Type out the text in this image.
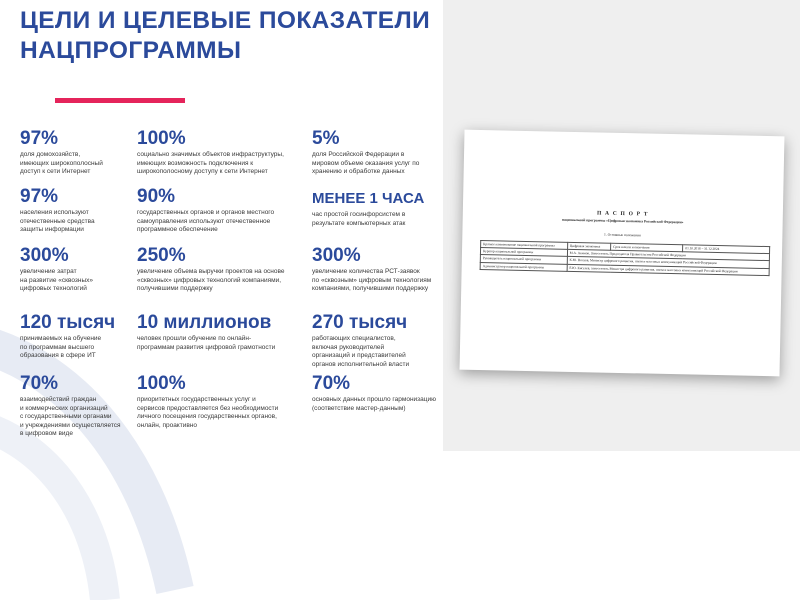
ЦЕЛИ И ЦЕЛЕВЫЕ ПОКАЗАТЕЛИ
НАЦПРОГРАММЫ
97%
доля домохозяйств,
имеющих широкополосный
доступ к сети Интернет
100%
социально значимых объектов инфраструктуры,
имеющих возможность подключения к
широкополосному доступу к сети Интернет
5%
доля Российской Федерации в
мировом объеме оказания услуг по
хранению и обработке данных
97%
населения используют
отечественные средства
защиты информации
90%
государственных органов и органов местного
самоуправления используют отечественное
программное обеспечение
МЕНЕЕ 1 ЧАСА
час простой госинфорсистем в
результате компьютерных атак
300%
увеличение затрат
на развитие «сквозных»
цифровых технологий
250%
увеличение объема выручки проектов на основе
«сквозных» цифровых технологий компаниями,
получившими поддержку
300%
увеличение количества РСТ-заявок
по «сквозным» цифровым технологиям
компаниями, получившими поддержку
120 тысяч
принимаемых на обучение
по программам высшего
образования в сфере ИТ
10 миллионов
человек прошли обучение по онлайн-
программам развития цифровой грамотности
270 тысяч
работающих специалистов,
включая руководителей
организаций и представителей
органов исполнительной власти
70%
взаимодействий граждан
и коммерческих организаций
с государственными органами
и учреждениями осуществляется
в цифровом виде
100%
приоритетных государственных услуг и
сервисов предоставляется без необходимости
личного посещения государственных органов,
онлайн, проактивно
70%
основных данных прошло гармонизацию
(соответствие мастер-данным)
П А С П О Р Т
национальной программы «Цифровая экономика Российской Федерации»
1. Основные положения
Краткое наименование национальной программы	Цифровая экономика	Срок начала и окончания	01.10.2018 – 31.12.2024
Куратор национальной программы	М.А. Акимов, Заместитель Председателя Правительства Российской Федерации		
Руководитель национальной программы	К.Ю. Носков, Министр цифрового развития, связи и массовых коммуникаций Российской Федерации		
Администратор национальной программы	Е.Ю. Киселев, заместитель Министра цифрового развития, связи и массовых коммуникаций Российской Федерации		
